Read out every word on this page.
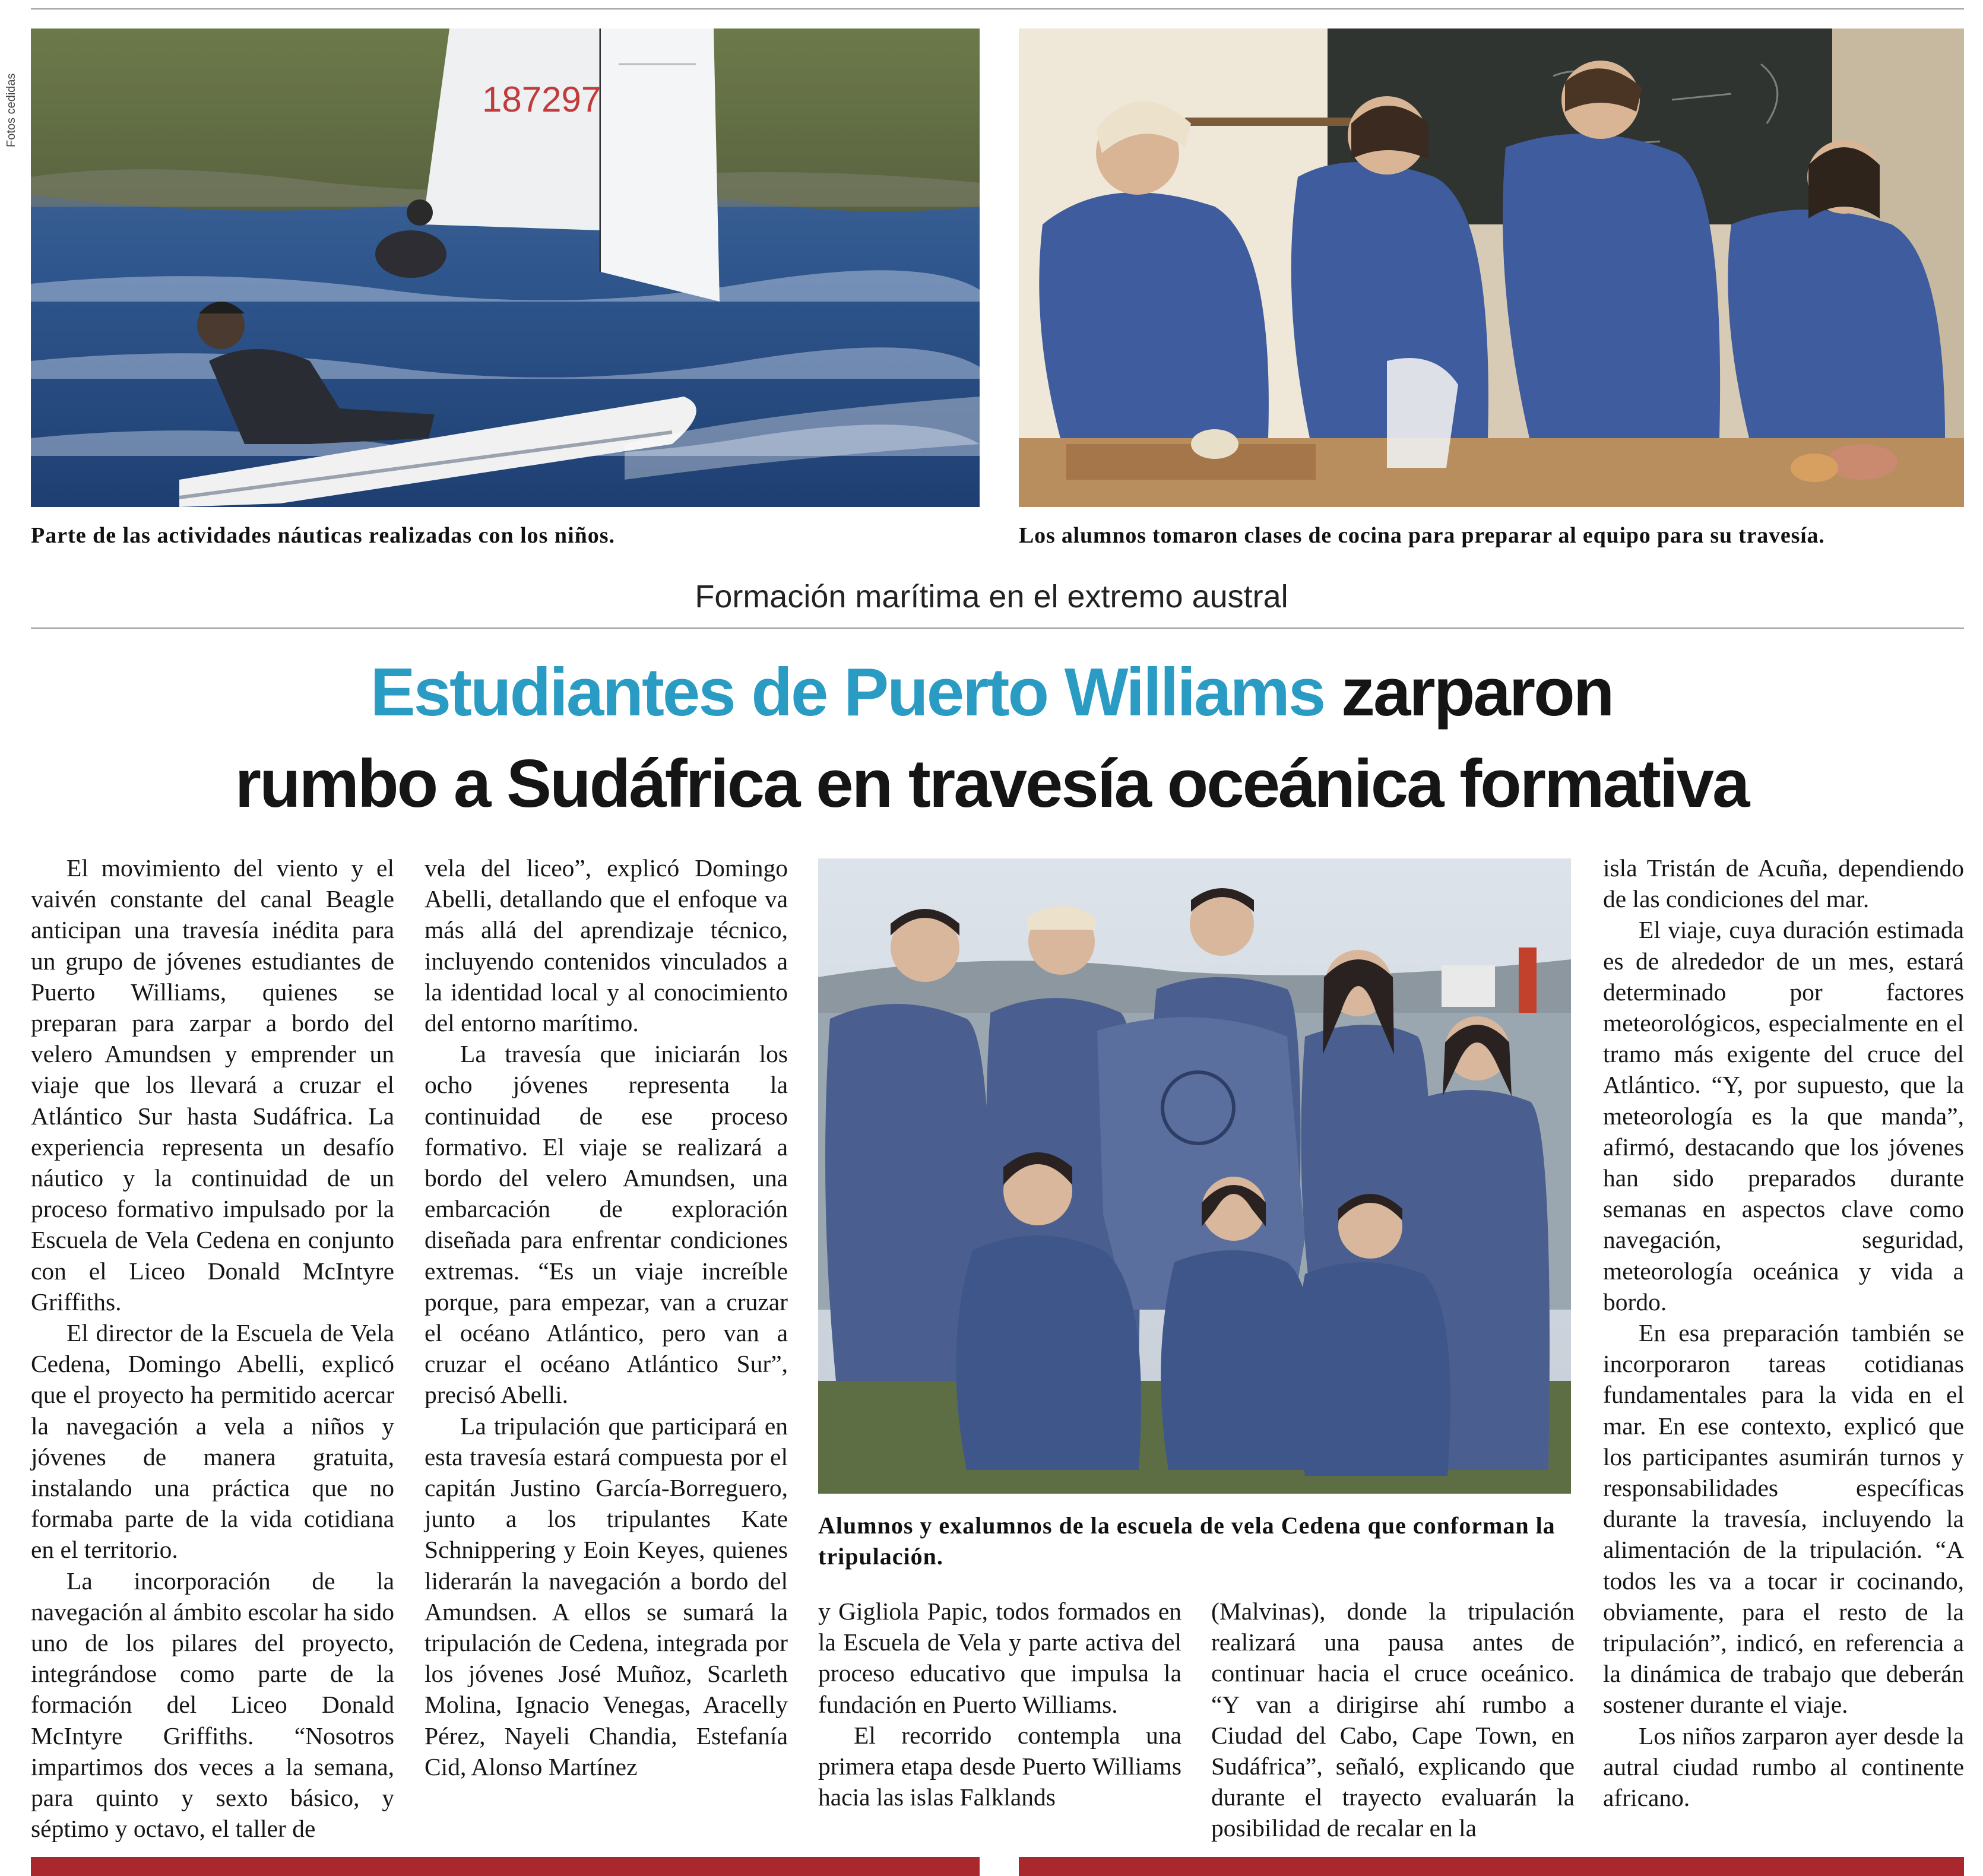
Fotos cedidas	187297
Parte de las actividades náuticas realizadas con los niños.	Los alumnos tomaron clases de cocina para preparar al equipo para su travesía.
Formación marítima en el extremo austral
Estudiantes de Puerto Williams zarparon
rumbo a Sudáfrica en travesía oceánica formativa

El movimiento del viento y el vaivén constante del canal Beagle anticipan una travesía inédita para un grupo de jóvenes estudiantes de Puerto Williams, quienes se preparan para zarpar a bordo del velero Amundsen y emprender un viaje que los llevará a cruzar el Atlántico Sur hasta Sudáfrica. La experiencia representa un desafío náutico y la continuidad de un proceso formativo impulsado por la Escuela de Vela Cedena en conjunto con el Liceo Donald McIntyre Griffiths.

El director de la Escuela de Vela Cedena, Domingo Abelli, explicó que el proyecto ha permitido acercar la navegación a vela a niños y jóvenes de manera gratuita, instalando una práctica que no formaba parte de la vida cotidiana en el territorio.

La incorporación de la navegación al ámbito escolar ha sido uno de los pilares del proyecto, integrándose como parte de la formación del Liceo Donald McIntyre Griffiths. “Nosotros impartimos dos veces a la semana, para quinto y sexto básico, y séptimo y octavo, el taller de

vela del liceo”, explicó Domingo Abelli, detallando que el enfoque va más allá del aprendizaje técnico, incluyendo contenidos vinculados a la identidad local y al conocimiento del entorno marítimo.

La travesía que iniciarán los ocho jóvenes representa la continuidad de ese proceso formativo. El viaje se realizará a bordo del velero Amundsen, una embarcación de exploración diseñada para enfrentar condiciones extremas. “Es un viaje increíble porque, para empezar, van a cruzar el océano Atlántico, pero van a cruzar el océano Atlántico Sur”, precisó Abelli.

La tripulación que participará en esta travesía estará compuesta por el capitán Justino García-Borreguero, junto a los tripulantes Kate Schnippering y Eoin Keyes, quienes liderarán la navegación a bordo del Amundsen. A ellos se sumará la tripulación de Cedena, integrada por los jóvenes José Muñoz, Scarleth Molina, Ignacio Venegas, Aracelly Pérez, Nayeli Chandia, Estefanía Cid, Alonso Martínez

Alumnos y exalumnos de la escuela de vela Cedena que conforman la tripulación.

y Gigliola Papic, todos formados en la Escuela de Vela y parte activa del proceso educativo que impulsa la fundación en Puerto Williams.

El recorrido contempla una primera etapa desde Puerto Williams hacia las islas Falklands

(Malvinas), donde la tripulación realizará una pausa antes de continuar hacia el cruce oceánico. “Y van a dirigirse ahí rumbo a Ciudad del Cabo, Cape Town, en Sudáfrica”, señaló, explicando que durante el trayecto evaluarán la posibilidad de recalar en la

isla Tristán de Acuña, dependiendo de las condiciones del mar.

El viaje, cuya duración estimada es de alrededor de un mes, estará determinado por factores meteorológicos, especialmente en el tramo más exigente del cruce del Atlántico. “Y, por supuesto, que la meteorología es la que manda”, afirmó, destacando que los jóvenes han sido preparados durante semanas en aspectos clave como navegación, seguridad, meteorología oceánica y vida a bordo.

En esa preparación también se incorporaron tareas cotidianas fundamentales para la vida en el mar. En ese contexto, explicó que los participantes asumirán turnos y responsabilidades específicas durante la travesía, incluyendo la alimentación de la tripulación. “A todos les va a tocar ir cocinando, obviamente, para el resto de la tripulación”, indicó, en referencia a la dinámica de trabajo que deberán sostener durante el viaje.

Los niños zarparon ayer desde la autral ciudad rumbo al continente africano.
